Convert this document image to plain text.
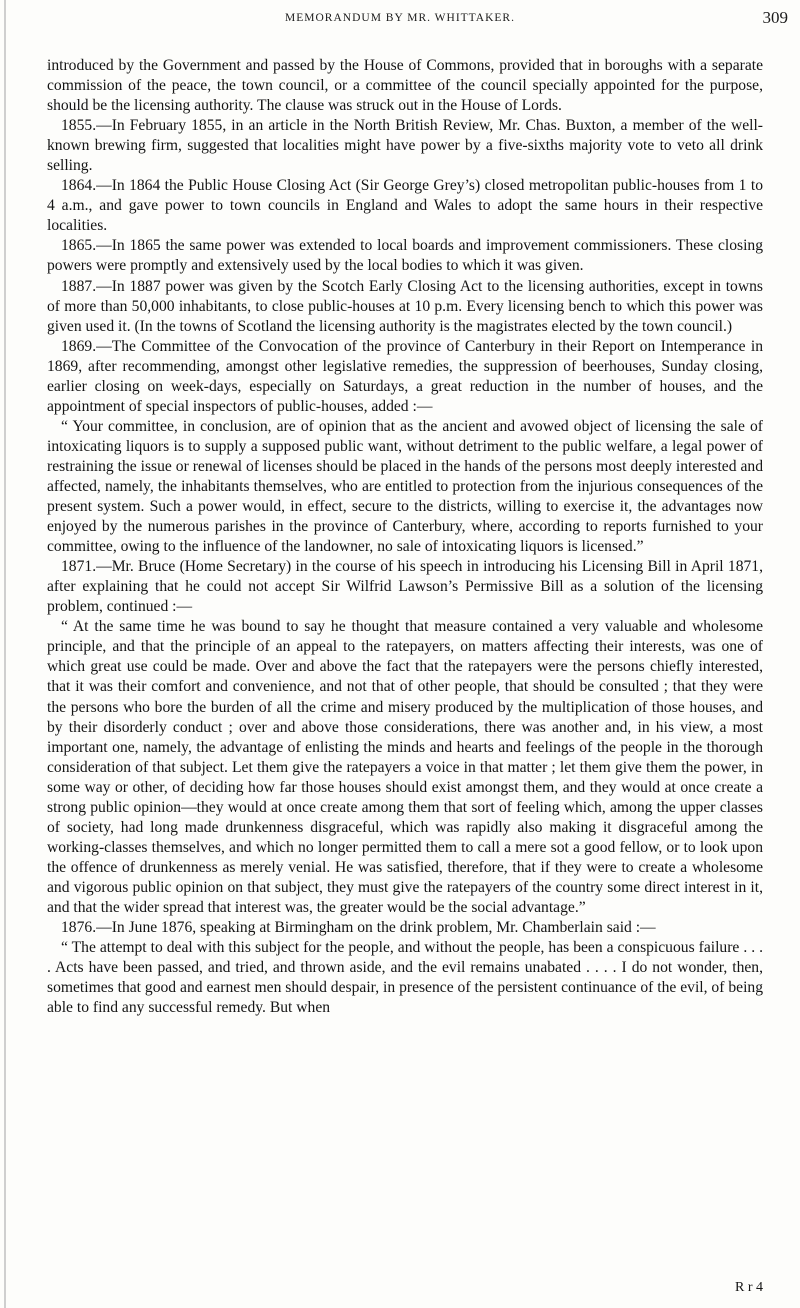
MEMORANDUM BY MR. WHITTAKER.	309

introduced by the Government and passed by the House of Commons, provided that in boroughs with a separate commission of the peace, the town council, or a committee of the council specially appointed for the purpose, should be the licensing authority. The clause was struck out in the House of Lords.

1855.—In February 1855, in an article in the North British Review, Mr. Chas. Buxton, a member of the well-known brewing firm, suggested that localities might have power by a five-sixths majority vote to veto all drink selling.

1864.—In 1864 the Public House Closing Act (Sir George Grey’s) closed metropolitan public-houses from 1 to 4 a.m., and gave power to town councils in England and Wales to adopt the same hours in their respective localities.

1865.—In 1865 the same power was extended to local boards and improvement commissioners. These closing powers were promptly and extensively used by the local bodies to which it was given.

1887.—In 1887 power was given by the Scotch Early Closing Act to the licensing authorities, except in towns of more than 50,000 inhabitants, to close public-houses at 10 p.m. Every licensing bench to which this power was given used it. (In the towns of Scotland the licensing authority is the magistrates elected by the town council.)

1869.—The Committee of the Convocation of the province of Canterbury in their Report on Intemperance in 1869, after recommending, amongst other legislative remedies, the suppression of beerhouses, Sunday closing, earlier closing on week-days, especially on Saturdays, a great reduction in the number of houses, and the appointment of special inspectors of public-houses, added :—

“ Your committee, in conclusion, are of opinion that as the ancient and avowed object of licensing the sale of intoxicating liquors is to supply a supposed public want, without detriment to the public welfare, a legal power of restraining the issue or renewal of licenses should be placed in the hands of the persons most deeply interested and affected, namely, the inhabitants themselves, who are entitled to protection from the injurious consequences of the present system. Such a power would, in effect, secure to the districts, willing to exercise it, the advantages now enjoyed by the numerous parishes in the province of Canterbury, where, according to reports furnished to your committee, owing to the influence of the landowner, no sale of intoxicating liquors is licensed.”

1871.—Mr. Bruce (Home Secretary) in the course of his speech in introducing his Licensing Bill in April 1871, after explaining that he could not accept Sir Wilfrid Lawson’s Permissive Bill as a solution of the licensing problem, continued :—

“ At the same time he was bound to say he thought that measure contained a very valuable and wholesome principle, and that the principle of an appeal to the ratepayers, on matters affecting their interests, was one of which great use could be made. Over and above the fact that the ratepayers were the persons chiefly interested, that it was their comfort and convenience, and not that of other people, that should be consulted ; that they were the persons who bore the burden of all the crime and misery produced by the multiplication of those houses, and by their disorderly conduct ; over and above those considerations, there was another and, in his view, a most important one, namely, the advantage of enlisting the minds and hearts and feelings of the people in the thorough consideration of that subject. Let them give the ratepayers a voice in that matter ; let them give them the power, in some way or other, of deciding how far those houses should exist amongst them, and they would at once create a strong public opinion—they would at once create among them that sort of feeling which, among the upper classes of society, had long made drunkenness disgraceful, which was rapidly also making it disgraceful among the working-classes themselves, and which no longer permitted them to call a mere sot a good fellow, or to look upon the offence of drunkenness as merely venial. He was satisfied, therefore, that if they were to create a wholesome and vigorous public opinion on that subject, they must give the ratepayers of the country some direct interest in it, and that the wider spread that interest was, the greater would be the social advantage.”

1876.—In June 1876, speaking at Birmingham on the drink problem, Mr. Chamberlain said :—

“ The attempt to deal with this subject for the people, and without the people, has been a conspicuous failure . . . . Acts have been passed, and tried, and thrown aside, and the evil remains unabated . . . . I do not wonder, then, sometimes that good and earnest men should despair, in presence of the persistent continuance of the evil, of being able to find any successful remedy. But when

R r 4
